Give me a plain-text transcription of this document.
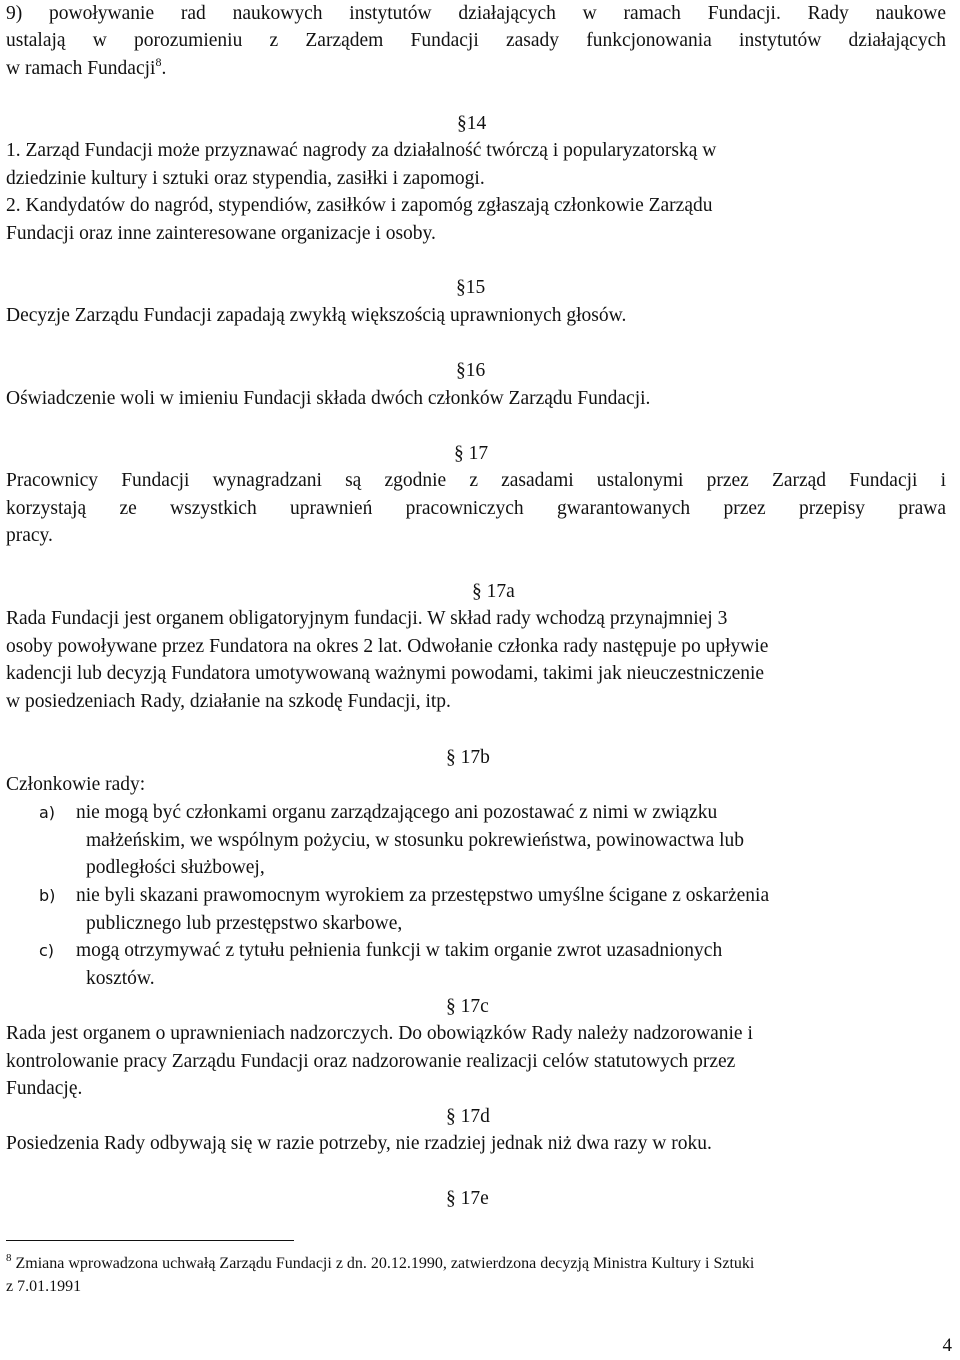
9) powoływanie rad naukowych instytutów działających w ramach Fundacji. Rady naukowe
ustalają w porozumieniu z Zarządem Fundacji zasady funkcjonowania instytutów działających
w ramach Fundacji$^8$.
§14
1. Zarząd Fundacji może przyznawać nagrody za działalność twórczą i popularyzatorską w
dziedzinie kultury i sztuki oraz stypendia, zasiłki i zapomogi.
2. Kandydatów do nagród, stypendiów, zasiłków i zapomóg zgłaszają członkowie Zarządu
Fundacji oraz inne zainteresowane organizacje i osoby.
§15
Decyzje Zarządu Fundacji zapadają zwykłą większością uprawnionych głosów.
§16
Oświadczenie woli w imieniu Fundacji składa dwóch członków Zarządu Fundacji.
§ 17
Pracownicy Fundacji wynagradzani są zgodnie z zasadami ustalonymi przez Zarząd Fundacji i
korzystają ze wszystkich uprawnień pracowniczych gwarantowanych przez przepisy prawa
pracy.
§ 17a
Rada Fundacji jest organem obligatoryjnym fundacji. W skład rady wchodzą przynajmniej 3
osoby powoływane przez Fundatora na okres 2 lat. Odwołanie członka rady następuje po upływie
kadencji lub decyzją Fundatora umotywowaną ważnymi powodami, takimi jak nieuczestniczenie
w posiedzeniach Rady, działanie na szkodę Fundacji, itp.
§ 17b
Członkowie rady:
a) nie mogą być członkami organu zarządzającego ani pozostawać z nimi w związku
małżeńskim, we wspólnym pożyciu, w stosunku pokrewieństwa, powinowactwa lub
podległości służbowej,
b) nie byli skazani prawomocnym wyrokiem za przestępstwo umyślne ścigane z oskarżenia
publicznego lub przestępstwo skarbowe,
c) mogą otrzymywać z tytułu pełnienia funkcji w takim organie zwrot uzasadnionych
kosztów.
§ 17c
Rada jest organem o uprawnieniach nadzorczych. Do obowiązków Rady należy nadzorowanie i
kontrolowanie pracy Zarządu Fundacji oraz nadzorowanie realizacji celów statutowych przez
Fundację.
§ 17d
Posiedzenia Rady odbywają się w razie potrzeby, nie rzadziej jednak niż dwa razy w roku.
§ 17e
$^8$ Zmiana wprowadzona uchwałą Zarządu Fundacji z dn. 20.12.1990, zatwierdzona decyzją Ministra Kultury i Sztuki
z 7.01.1991
4
